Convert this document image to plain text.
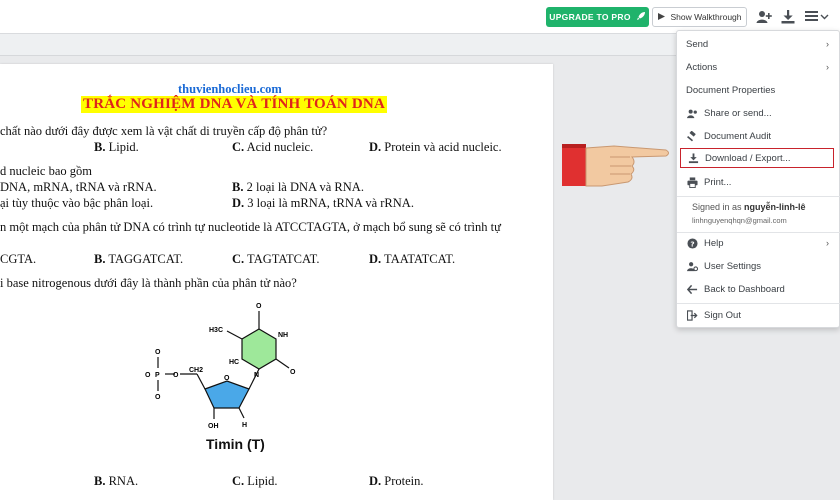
UPGRADE TO PRO	Show Walkthrough
thuvienhoclieu.com
TRẮC NGHIỆM DNA VÀ TÍNH TOÁN DNA
chất nào dưới đây được xem là vật chất di truyền cấp độ phân tử?
B. Lipid.	C. Acid nucleic.	D. Protein và acid nucleic.
d nucleic bao gồm
DNA, mRNA, tRNA và rRNA.	B. 2 loại là DNA và RNA.
ại tùy thuộc vào bậc phân loại.	D. 3 loại là mRNA, tRNA và rRNA.
n một mạch của phân tử DNA có trình tự nucleotide là ATCCTAGTA, ở mạch bổ sung sẽ có trình tự
CGTA.	B. TAGGATCAT.	C. TAGTATCAT.	D. TAATATCAT.
i base nitrogenous dưới đây là thành phần của phân tử nào?
O
NH
H3C
HC
N	O
O
O P O
CH2
O
O
OH	H
Timin (T)
B. RNA.	C. Lipid.	D. Protein.
Send	›
Actions	›
Document Properties
Share or send...
Document Audit
Download / Export...
Print...
Signed in as nguyễn-linh-lê
linhnguyenqhqn@gmail.com
? Help	›
User Settings
Back to Dashboard
Sign Out
